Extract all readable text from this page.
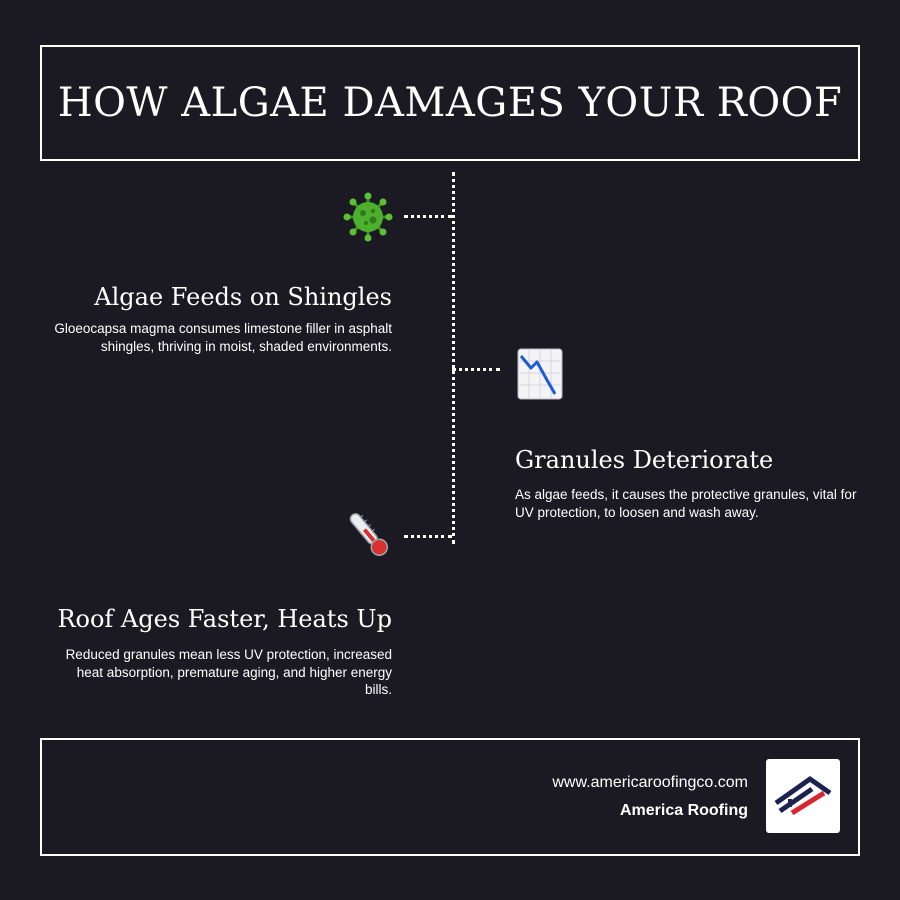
HOW ALGAE DAMAGES YOUR ROOF
Algae Feeds on Shingles

Gloeocapsa magma consumes limestone filler in asphalt shingles, thriving in moist, shaded environments.

Granules Deteriorate

As algae feeds, it causes the protective granules, vital for UV protection, to loosen and wash away.

Roof Ages Faster, Heats Up

Reduced granules mean less UV protection, increased heat absorption, premature aging, and higher energy bills.

www.americaroofingco.com
America Roofing
